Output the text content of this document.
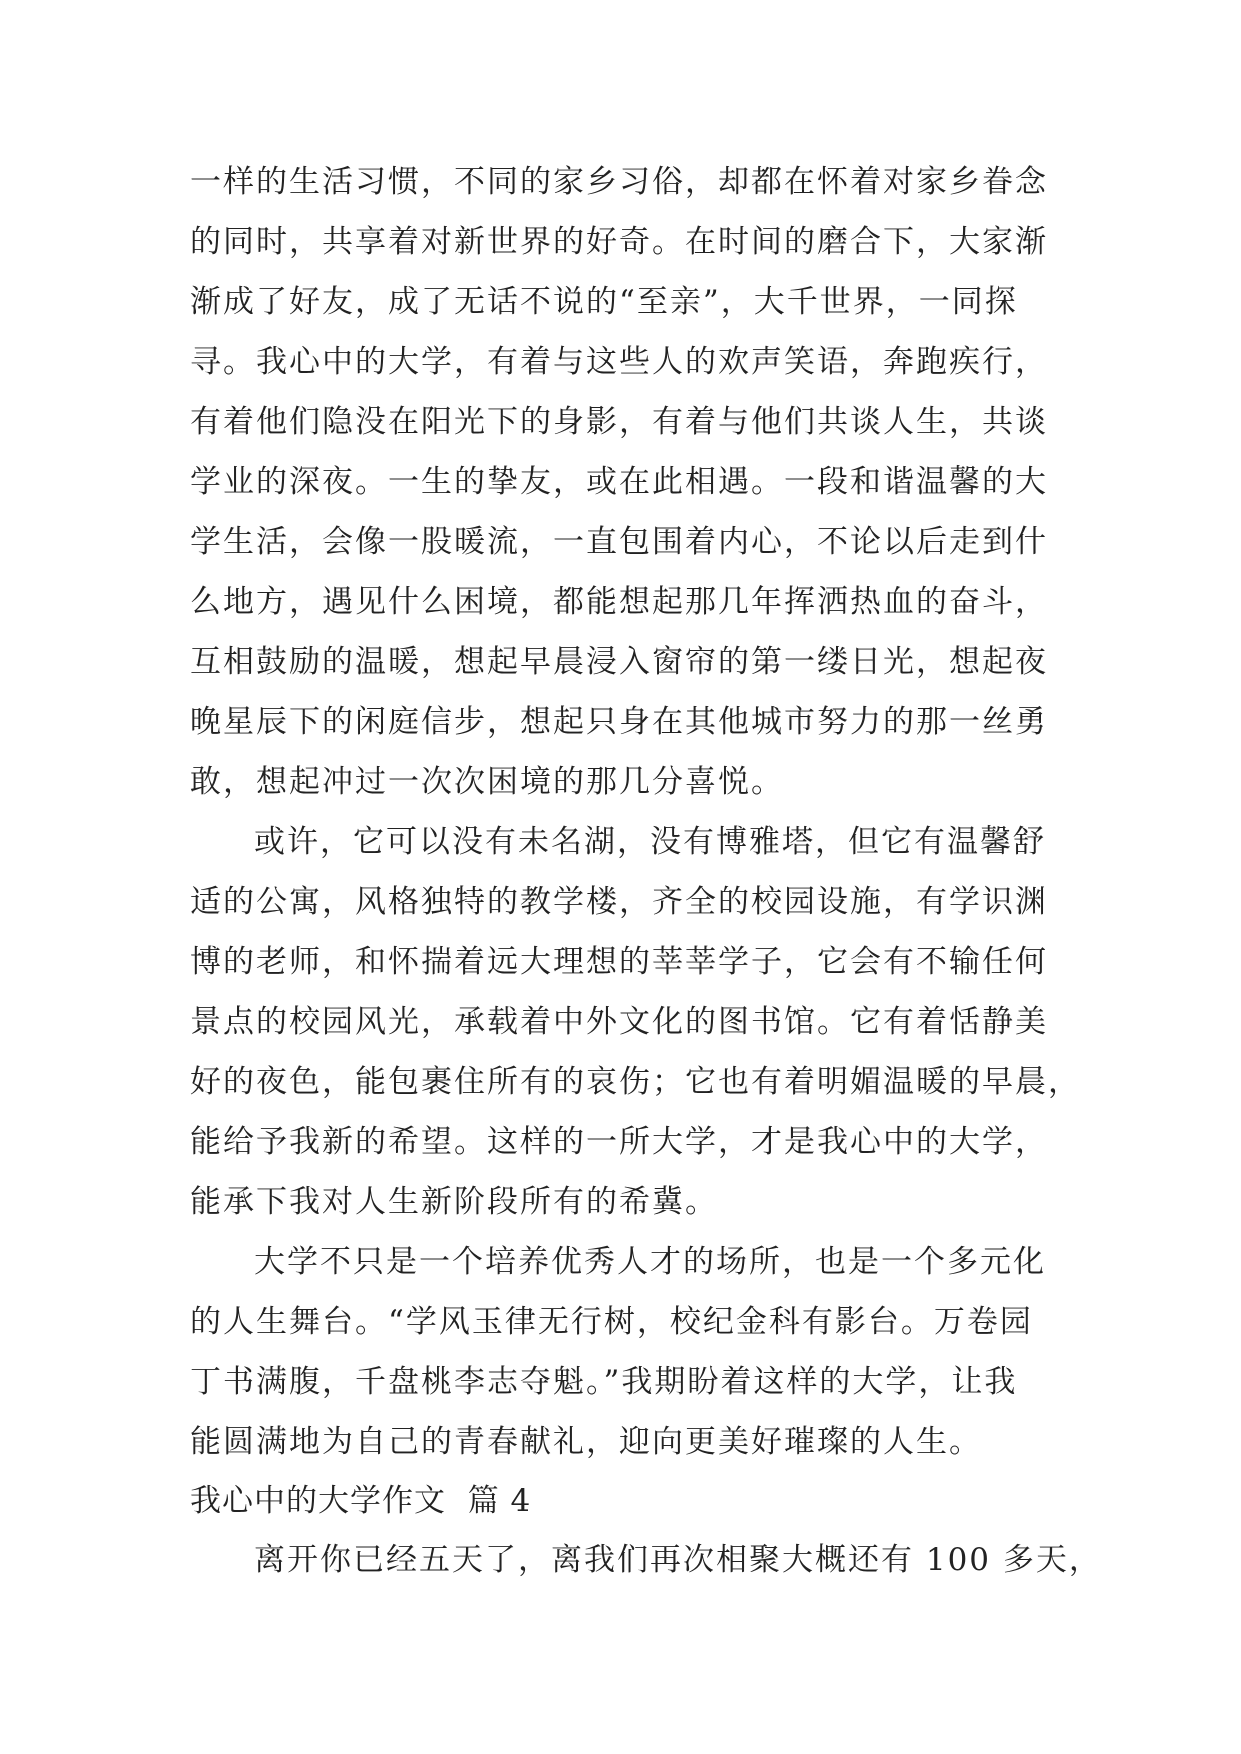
一样的生活习惯，不同的家乡习俗，却都在怀着对家乡眷念
的同时，共享着对新世界的好奇。在时间的磨合下，大家渐
渐成了好友，成了无话不说的“至亲”，大千世界，一同探
寻。我心中的大学，有着与这些人的欢声笑语，奔跑疾行，
有着他们隐没在阳光下的身影，有着与他们共谈人生，共谈
学业的深夜。一生的挚友，或在此相遇。一段和谐温馨的大
学生活，会像一股暖流，一直包围着内心，不论以后走到什
么地方，遇见什么困境，都能想起那几年挥洒热血的奋斗，
互相鼓励的温暖，想起早晨浸入窗帘的第一缕日光，想起夜
晚星辰下的闲庭信步，想起只身在其他城市努力的那一丝勇
敢，想起冲过一次次困境的那几分喜悦。
或许，它可以没有未名湖，没有博雅塔，但它有温馨舒
适的公寓，风格独特的教学楼，齐全的校园设施，有学识渊
博的老师，和怀揣着远大理想的莘莘学子，它会有不输任何
景点的校园风光，承载着中外文化的图书馆。它有着恬静美
好的夜色，能包裹住所有的哀伤；它也有着明媚温暖的早晨，
能给予我新的希望。这样的一所大学，才是我心中的大学，
能承下我对人生新阶段所有的希冀。
大学不只是一个培养优秀人才的场所，也是一个多元化
的人生舞台。“学风玉律无行树，校纪金科有影台。万卷园
丁书满腹，千盘桃李志夺魁。”我期盼着这样的大学，让我
能圆满地为自己的青春献礼，迎向更美好璀璨的人生。
我心中的大学作文  篇 4
离开你已经五天了，离我们再次相聚大概还有 100 多天，
